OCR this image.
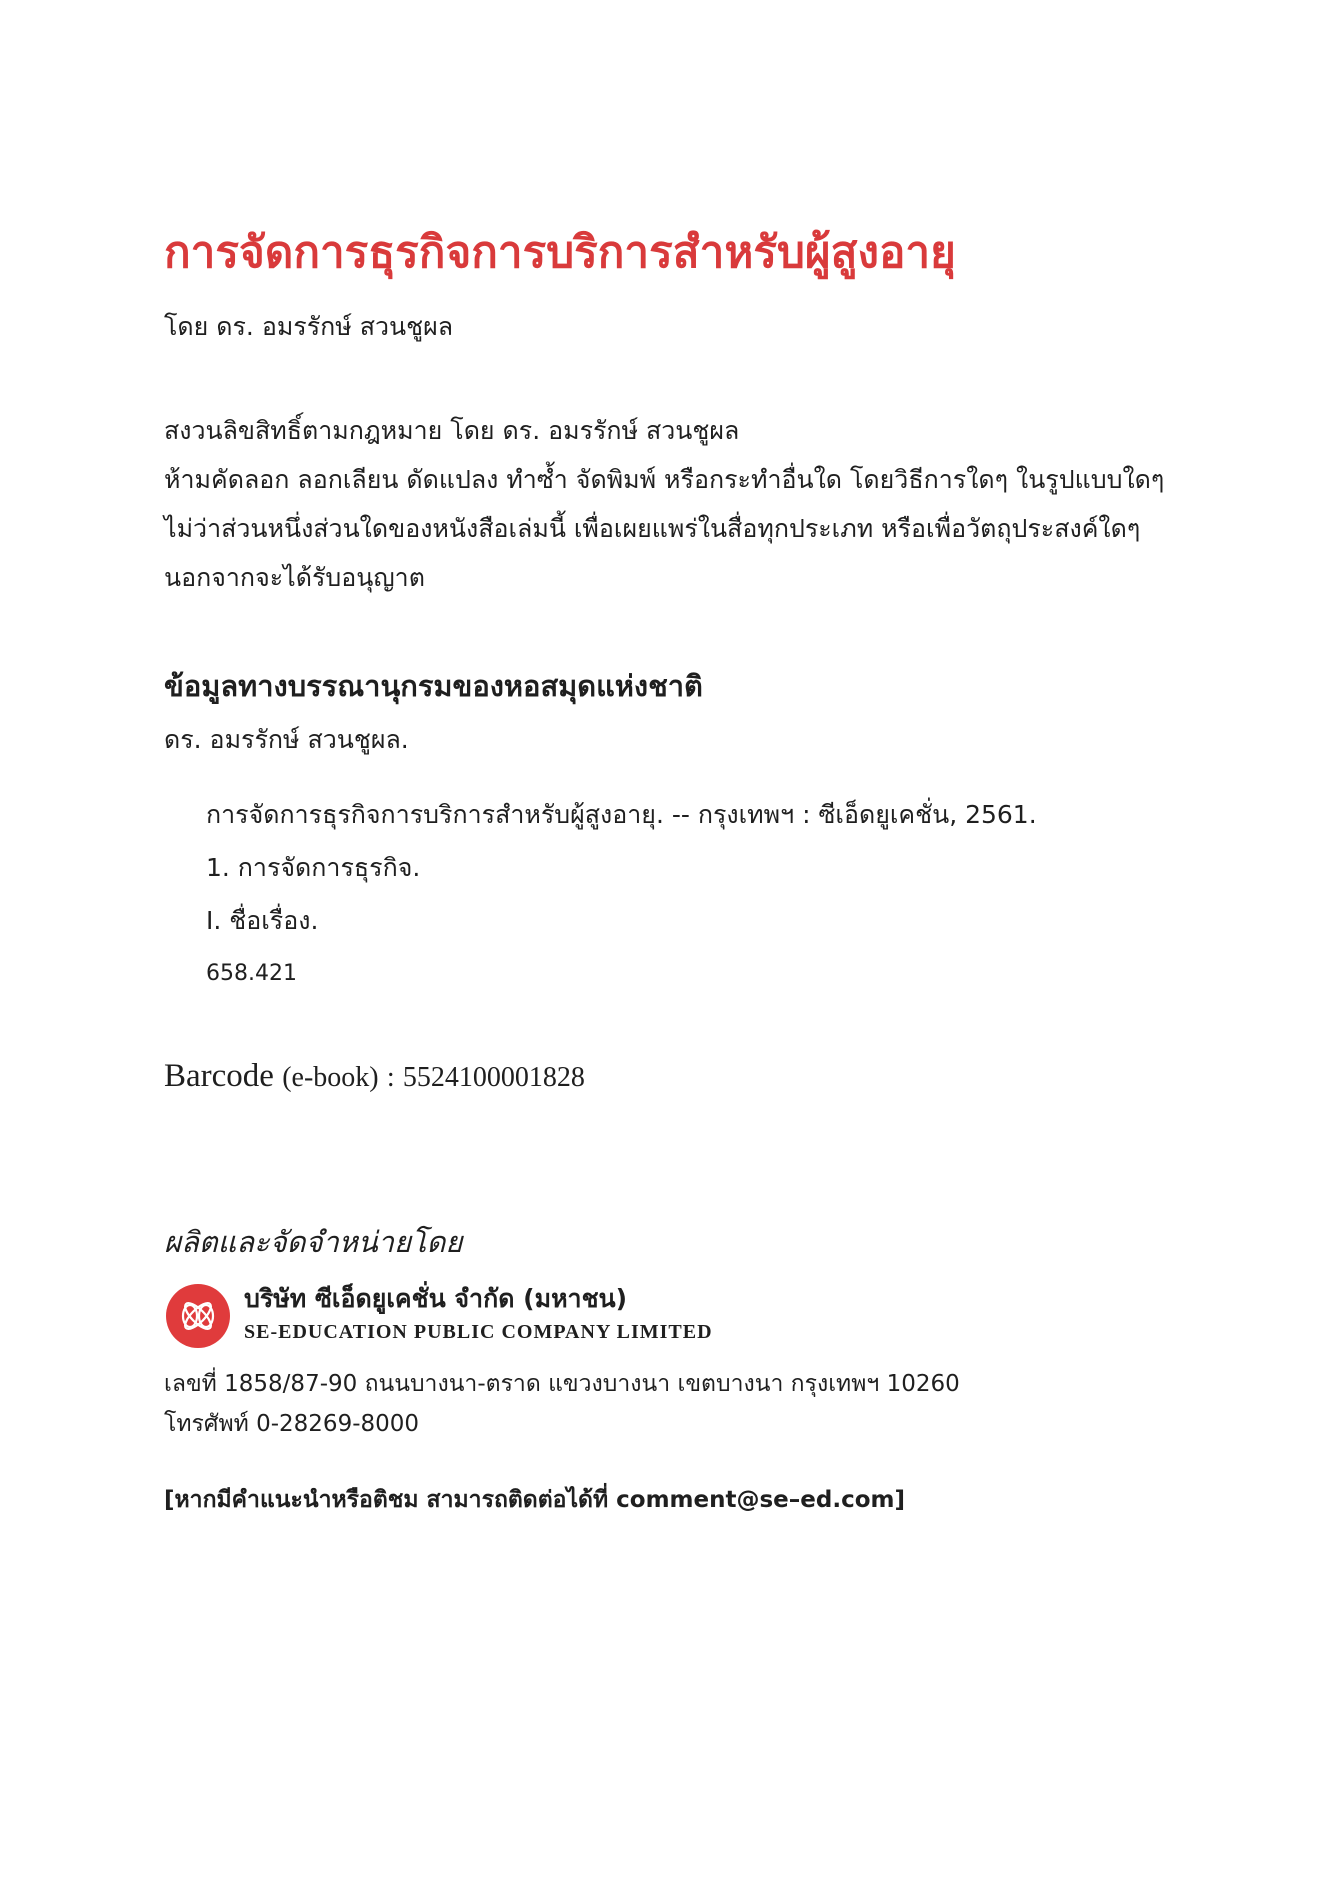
การจัดการธุรกิจการบริการสำหรับผู้สูงอายุ
โดย ดร. อมรรักษ์ สวนชูผล
สงวนลิขสิทธิ์ตามกฎหมาย โดย ดร. อมรรักษ์ สวนชูผล
ห้ามคัดลอก ลอกเลียน ดัดแปลง ทำซ้ำ จัดพิมพ์ หรือกระทำอื่นใด โดยวิธีการใดๆ ในรูปแบบใดๆ
ไม่ว่าส่วนหนึ่งส่วนใดของหนังสือเล่มนี้ เพื่อเผยแพร่ในสื่อทุกประเภท หรือเพื่อวัตถุประสงค์ใดๆ
นอกจากจะได้รับอนุญาต
ข้อมูลทางบรรณานุกรมของหอสมุดแห่งชาติ
ดร. อมรรักษ์ สวนชูผล.
การจัดการธุรกิจการบริการสำหรับผู้สูงอายุ. -- กรุงเทพฯ : ซีเอ็ดยูเคชั่น, 2561.
1. การจัดการธุรกิจ.
I. ชื่อเรื่อง.
658.421
Barcode (e-book) : 5524100001828
ผลิตและจัดจำหน่ายโดย
บริษัท ซีเอ็ดยูเคชั่น จำกัด (มหาชน)
SE-EDUCATION PUBLIC COMPANY LIMITED
เลขที่ 1858/87-90 ถนนบางนา-ตราด แขวงบางนา เขตบางนา กรุงเทพฯ 10260
โทรศัพท์ 0-28269-8000
[หากมีคำแนะนำหรือติชม สามารถติดต่อได้ที่ comment@se–ed.com]
